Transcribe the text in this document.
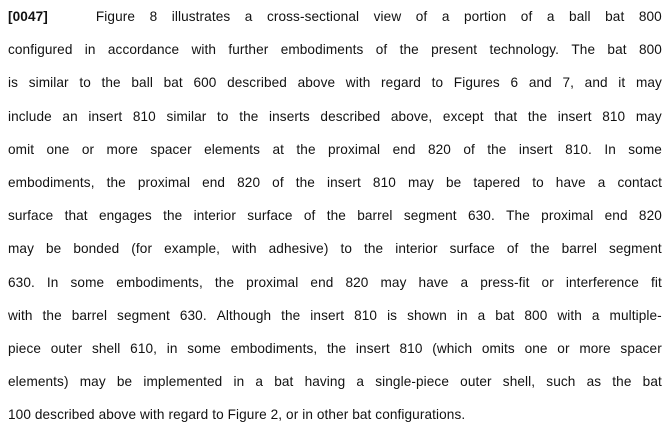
[0047]	Figure 8 illustrates a cross-sectional view of a portion of a ball bat 800
configured in accordance with further embodiments of the present technology. The bat 800
is similar to the ball bat 600 described above with regard to Figures 6 and 7, and it may
include an insert 810 similar to the inserts described above, except that the insert 810 may
omit one or more spacer elements at the proximal end 820 of the insert 810. In some
embodiments, the proximal end 820 of the insert 810 may be tapered to have a contact
surface that engages the interior surface of the barrel segment 630. The proximal end 820
may be bonded (for example, with adhesive) to the interior surface of the barrel segment
630. In some embodiments, the proximal end 820 may have a press-fit or interference fit
with the barrel segment 630. Although the insert 810 is shown in a bat 800 with a multiple-
piece outer shell 610, in some embodiments, the insert 810 (which omits one or more spacer
elements) may be implemented in a bat having a single-piece outer shell, such as the bat
100 described above with regard to Figure 2, or in other bat configurations.
